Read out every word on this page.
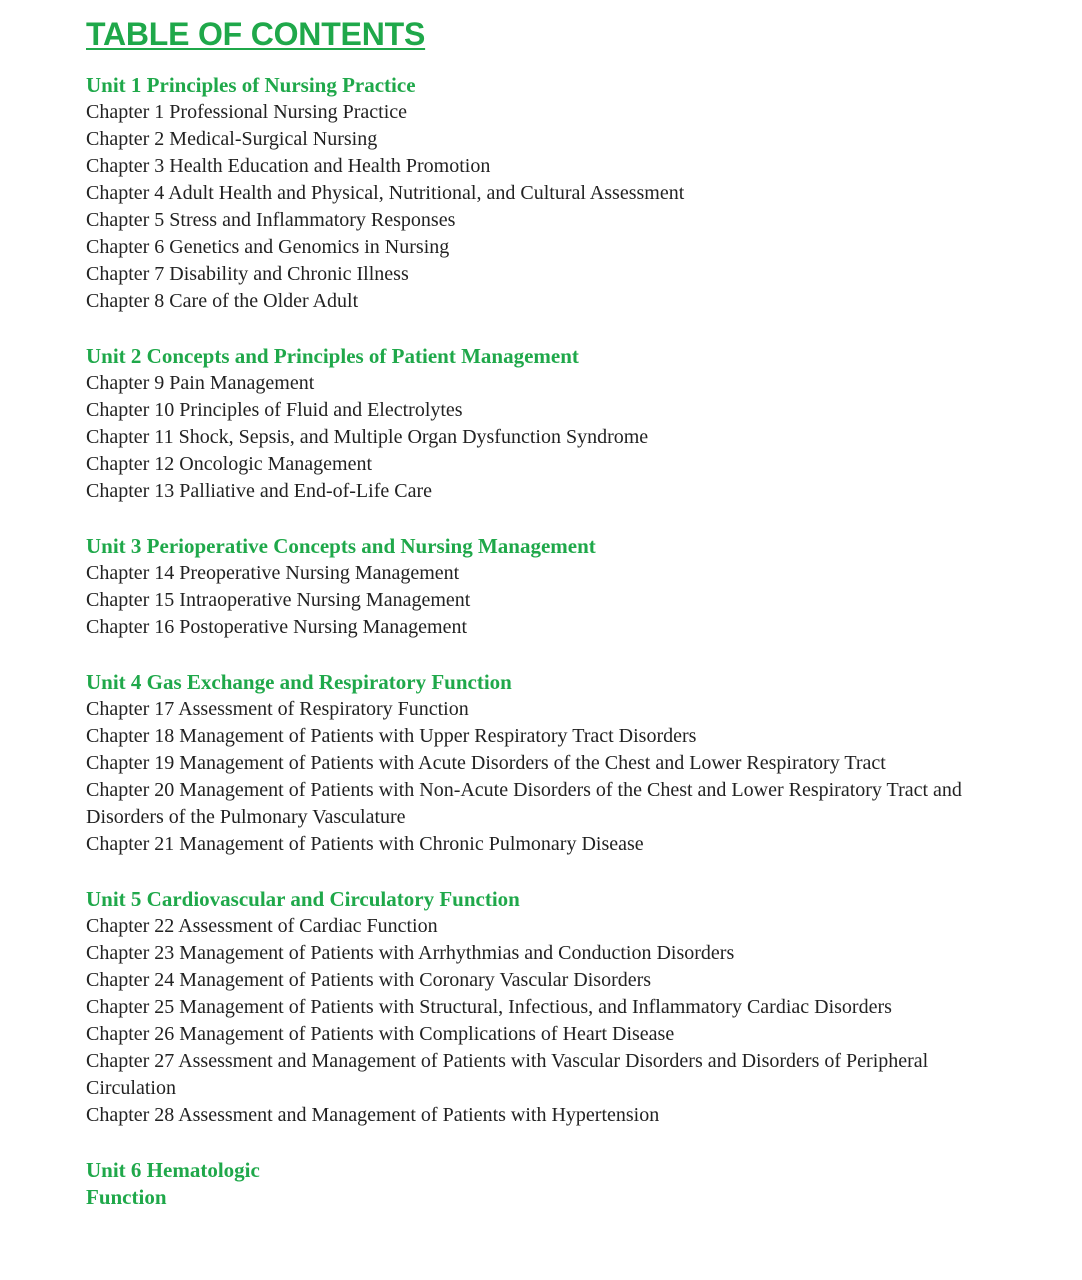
TABLE OF CONTENTS
Unit 1 Principles of Nursing Practice
Chapter 1 Professional Nursing Practice
Chapter 2 Medical-Surgical Nursing
Chapter 3 Health Education and Health Promotion
Chapter 4 Adult Health and Physical, Nutritional, and Cultural Assessment
Chapter 5 Stress and Inflammatory Responses
Chapter 6 Genetics and Genomics in Nursing
Chapter 7 Disability and Chronic Illness
Chapter 8 Care of the Older Adult
Unit 2 Concepts and Principles of Patient Management
Chapter 9 Pain Management
Chapter 10 Principles of Fluid and Electrolytes
Chapter 11 Shock, Sepsis, and Multiple Organ Dysfunction Syndrome
Chapter 12 Oncologic Management
Chapter 13 Palliative and End-of-Life Care
Unit 3 Perioperative Concepts and Nursing Management
Chapter 14 Preoperative Nursing Management
Chapter 15 Intraoperative Nursing Management
Chapter 16 Postoperative Nursing Management
Unit 4 Gas Exchange and Respiratory Function
Chapter 17 Assessment of Respiratory Function
Chapter 18 Management of Patients with Upper Respiratory Tract Disorders
Chapter 19 Management of Patients with Acute Disorders of the Chest and Lower Respiratory Tract
Chapter 20 Management of Patients with Non-Acute Disorders of the Chest and Lower Respiratory Tract and Disorders of the Pulmonary Vasculature
Chapter 21 Management of Patients with Chronic Pulmonary Disease
Unit 5 Cardiovascular and Circulatory Function
Chapter 22 Assessment of Cardiac Function
Chapter 23 Management of Patients with Arrhythmias and Conduction Disorders
Chapter 24 Management of Patients with Coronary Vascular Disorders
Chapter 25 Management of Patients with Structural, Infectious, and Inflammatory Cardiac Disorders
Chapter 26 Management of Patients with Complications of Heart Disease
Chapter 27 Assessment and Management of Patients with Vascular Disorders and Disorders of Peripheral Circulation
Chapter 28 Assessment and Management of Patients with Hypertension
Unit 6 Hematologic Function
